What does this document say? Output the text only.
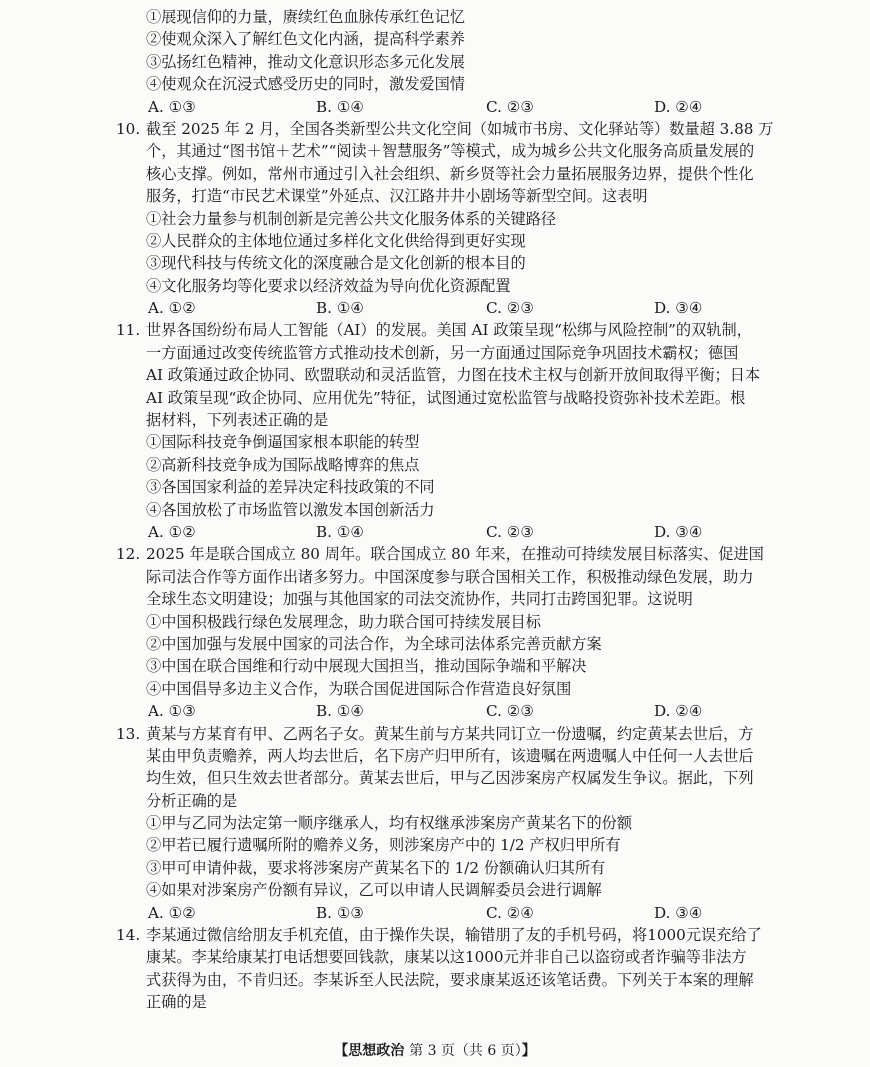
①展现信仰的力量，赓续红色血脉传承红色记忆
②使观众深入了解红色文化内涵，提高科学素养
③弘扬红色精神，推动文化意识形态多元化发展
④使观众在沉浸式感受历史的同时，激发爱国情
A. ①③	B. ①④	C. ②③	D. ②④
10. 截至 2025 年 2 月，全国各类新型公共文化空间（如城市书房、文化驿站等）数量超 3.88 万
个，其通过“图书馆＋艺术”“阅读＋智慧服务”等模式，成为城乡公共文化服务高质量发展的
核心支撑。例如，常州市通过引入社会组织、新乡贤等社会力量拓展服务边界，提供个性化
服务，打造“市民艺术课堂”外延点、汉江路井井小剧场等新型空间。这表明
①社会力量参与机制创新是完善公共文化服务体系的关键路径
②人民群众的主体地位通过多样化文化供给得到更好实现
③现代科技与传统文化的深度融合是文化创新的根本目的
④文化服务均等化要求以经济效益为导向优化资源配置
A. ①②	B. ①④	C. ②③	D. ③④
11. 世界各国纷纷布局人工智能（AI）的发展。美国 AI 政策呈现“松绑与风险控制”的双轨制，
一方面通过改变传统监管方式推动技术创新，另一方面通过国际竞争巩固技术霸权；德国
AI 政策通过政企协同、欧盟联动和灵活监管，力图在技术主权与创新开放间取得平衡；日本
AI 政策呈现“政企协同、应用优先”特征，试图通过宽松监管与战略投资弥补技术差距。根
据材料，下列表述正确的是
①国际科技竞争倒逼国家根本职能的转型
②高新科技竞争成为国际战略博弈的焦点
③各国国家利益的差异决定科技政策的不同
④各国放松了市场监管以激发本国创新活力
A. ①②	B. ①④	C. ②③	D. ③④
12. 2025 年是联合国成立 80 周年。联合国成立 80 年来，在推动可持续发展目标落实、促进国
际司法合作等方面作出诸多努力。中国深度参与联合国相关工作，积极推动绿色发展，助力
全球生态文明建设；加强与其他国家的司法交流协作，共同打击跨国犯罪。这说明
①中国积极践行绿色发展理念，助力联合国可持续发展目标
②中国加强与发展中国家的司法合作，为全球司法体系完善贡献方案
③中国在联合国维和行动中展现大国担当，推动国际争端和平解决
④中国倡导多边主义合作，为联合国促进国际合作营造良好氛围
A. ①③	B. ①④	C. ②③	D. ②④
13. 黄某与方某育有甲、乙两名子女。黄某生前与方某共同订立一份遗嘱，约定黄某去世后，方
某由甲负责赡养，两人均去世后，名下房产归甲所有，该遗嘱在两遗嘱人中任何一人去世后
均生效，但只生效去世者部分。黄某去世后，甲与乙因涉案房产权属发生争议。据此，下列
分析正确的是
①甲与乙同为法定第一顺序继承人，均有权继承涉案房产黄某名下的份额
②甲若已履行遗嘱所附的赡养义务，则涉案房产中的 1/2 产权归甲所有
③甲可申请仲裁，要求将涉案房产黄某名下的 1/2 份额确认归其所有
④如果对涉案房产份额有异议，乙可以申请人民调解委员会进行调解
A. ①②	B. ①③	C. ②④	D. ③④
14. 李某通过微信给朋友手机充值，由于操作失误，输错朋了友的手机号码，将1000元误充给了
康某。李某给康某打电话想要回钱款，康某以这1000元并非自己以盗窃或者诈骗等非法方
式获得为由，不肯归还。李某诉至人民法院，要求康某返还该笔话费。下列关于本案的理解
正确的是
【思想政治 第 3 页（共 6 页）】
